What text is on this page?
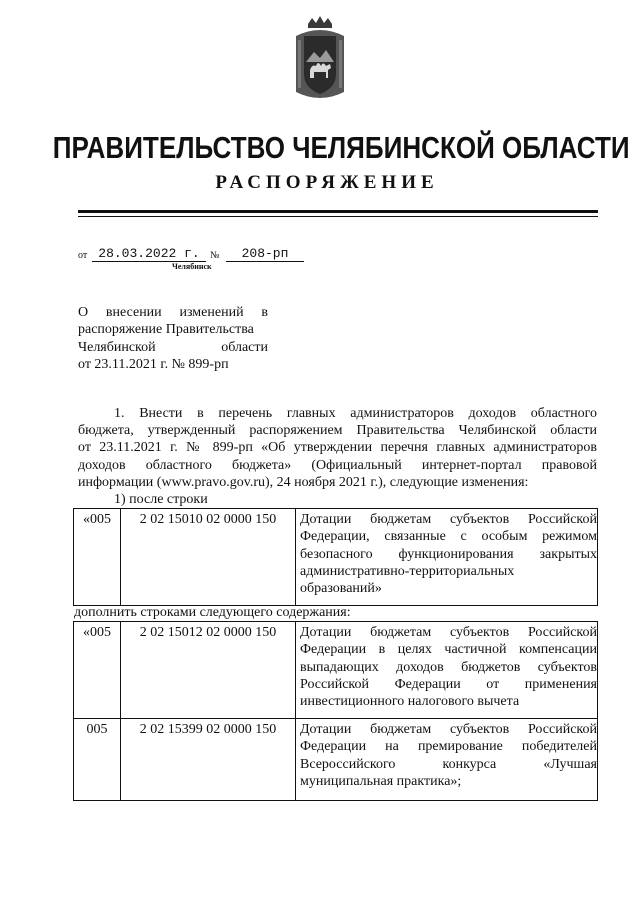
ПРАВИТЕЛЬСТВО ЧЕЛЯБИНСКОЙ ОБЛАСТИ
РАСПОРЯЖЕНИЕ
от 28.03.2022 г.	№	208-рп
Челябинск
О внесении изменений в
распоряжение Правительства
Челябинской области
от 23.11.2021 г. № 899-рп
1. Внести в перечень главных администраторов доходов областного
бюджета, утвержденный распоряжением Правительства Челябинской области
от 23.11.2021 г. № 899-рп «Об утверждении перечня главных администраторов
доходов областного бюджета» (Официальный интернет-портал правовой
информации (www.pravo.gov.ru), 24 ноября 2021 г.), следующие изменения:
1) после строки
«005	2 02 15010 02 0000 150	Дотации бюджетам субъектов Российской
Федерации, связанные с особым режимом
безопасного функционирования закрытых
административно-территориальных
образований»
дополнить строками следующего содержания:
«005	2 02 15012 02 0000 150	Дотации бюджетам субъектов Российской
Федерации в целях частичной компенсации
выпадающих доходов бюджетов субъектов
Российской Федерации от применения
инвестиционного налогового вычета

005	2 02 15399 02 0000 150	Дотации бюджетам субъектов Российской
Федерации на премирование победителей
Всероссийского конкурса «Лучшая
муниципальная практика»;
